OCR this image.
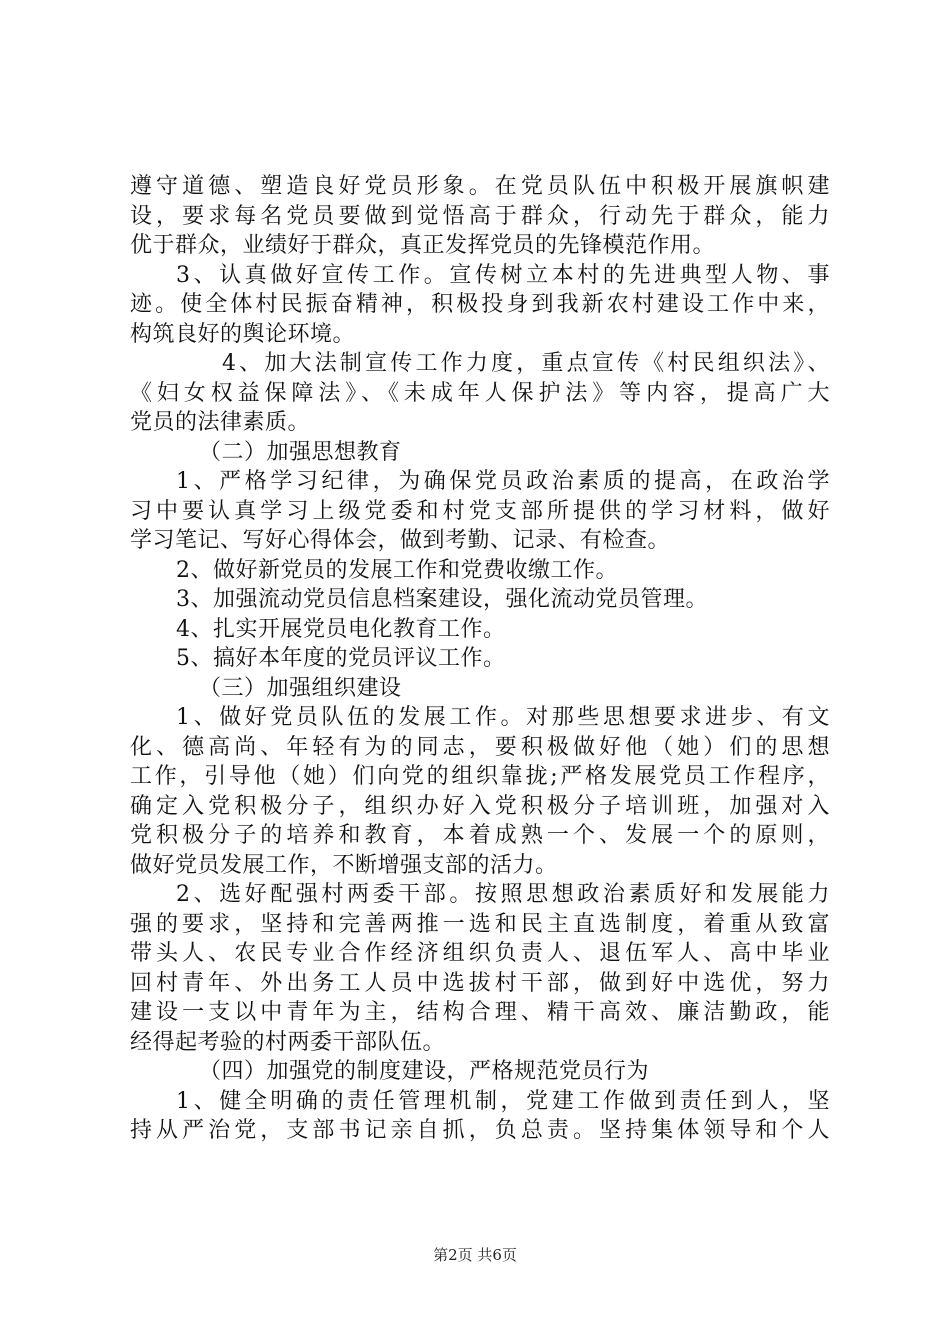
遵守道德、塑造良好党员形象。在党员队伍中积极开展旗帜建
设，要求每名党员要做到觉悟高于群众，行动先于群众，能力
优于群众，业绩好于群众，真正发挥党员的先锋模范作用。
3、认真做好宣传工作。宣传树立本村的先进典型人物、事
迹。使全体村民振奋精神，积极投身到我新农村建设工作中来，
构筑良好的舆论环境。
4、加大法制宣传工作力度，重点宣传《村民组织法》、
《妇女权益保障法》、《未成年人保护法》等内容，提高广大
党员的法律素质。
（二）加强思想教育
1、严格学习纪律，为确保党员政治素质的提高，在政治学
习中要认真学习上级党委和村党支部所提供的学习材料，做好
学习笔记、写好心得体会，做到考勤、记录、有检查。
2、做好新党员的发展工作和党费收缴工作。
3、加强流动党员信息档案建设，强化流动党员管理。
4、扎实开展党员电化教育工作。
5、搞好本年度的党员评议工作。
（三）加强组织建设
1、做好党员队伍的发展工作。对那些思想要求进步、有文
化、德高尚、年轻有为的同志，要积极做好他（她）们的思想
工作，引导他（她）们向党的组织靠拢;严格发展党员工作程序，
确定入党积极分子，组织办好入党积极分子培训班，加强对入
党积极分子的培养和教育，本着成熟一个、发展一个的原则，
做好党员发展工作，不断增强支部的活力。
2、选好配强村两委干部。按照思想政治素质好和发展能力
强的要求，坚持和完善两推一选和民主直选制度，着重从致富
带头人、农民专业合作经济组织负责人、退伍军人、高中毕业
回村青年、外出务工人员中选拔村干部，做到好中选优，努力
建设一支以中青年为主，结构合理、精干高效、廉洁勤政，能
经得起考验的村两委干部队伍。
（四）加强党的制度建设，严格规范党员行为
1、健全明确的责任管理机制，党建工作做到责任到人，坚
持从严治党，支部书记亲自抓，负总责。坚持集体领导和个人
第2页 共6页
